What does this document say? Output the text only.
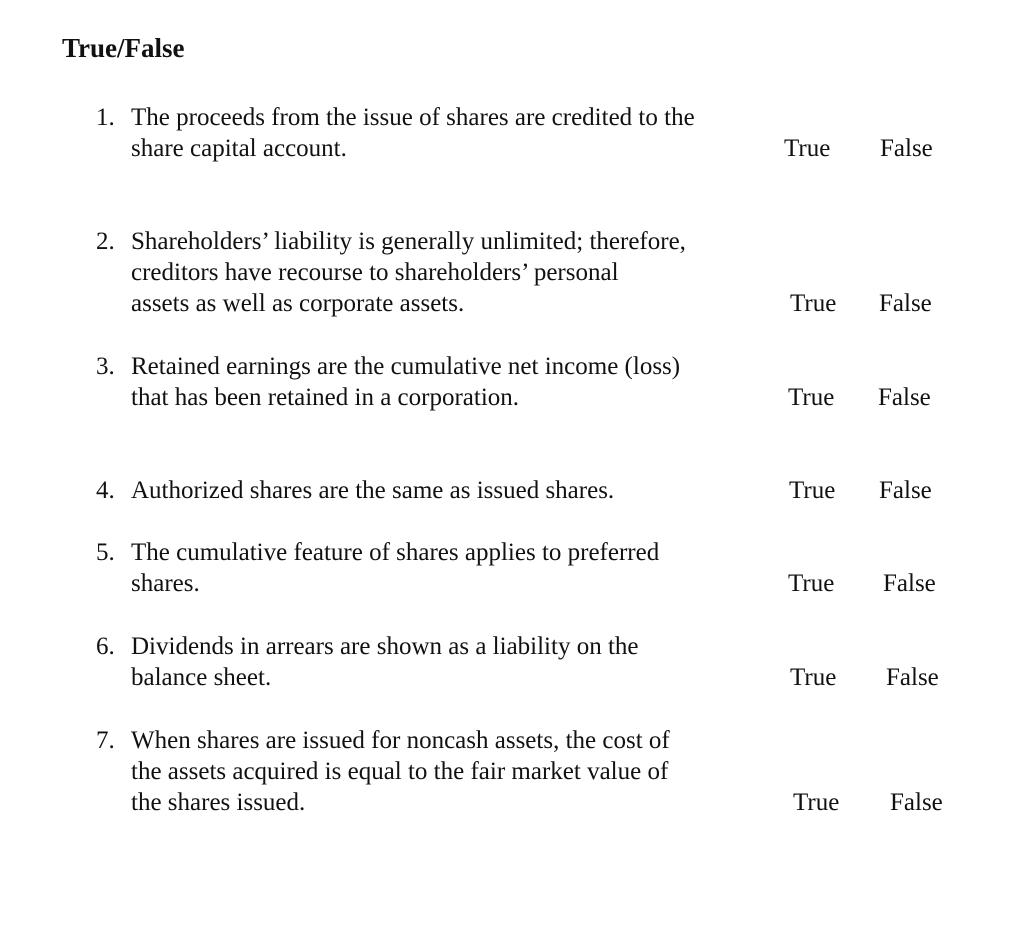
True/False
1. The proceeds from the issue of shares are credited to the
share capital account.	True False
2. Shareholders’ liability is generally unlimited; therefore,
creditors have recourse to shareholders’ personal
assets as well as corporate assets.	True False
3. Retained earnings are the cumulative net income (loss)
that has been retained in a corporation.	True False
4. Authorized shares are the same as issued shares.	True False
5. The cumulative feature of shares applies to preferred
shares.	True False
6. Dividends in arrears are shown as a liability on the
balance sheet.	True False
7. When shares are issued for noncash assets, the cost of
the assets acquired is equal to the fair market value of
the shares issued.	True False
